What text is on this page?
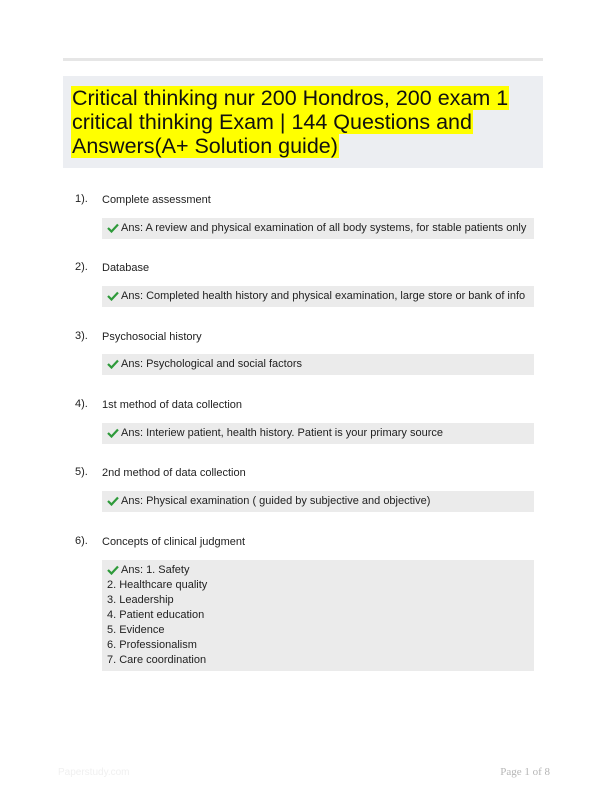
Critical thinking nur 200 Hondros, 200 exam 1 critical thinking Exam | 144 Questions and Answers(A+ Solution guide)
1). Complete assessment
Ans: A review and physical examination of all body systems, for stable patients only
2). Database
Ans: Completed health history and physical examination, large store or bank of info
3). Psychosocial history
Ans: Psychological and social factors
4). 1st method of data collection
Ans: Interiew patient, health history. Patient is your primary source
5). 2nd method of data collection
Ans: Physical examination ( guided by subjective and objective)
6). Concepts of clinical judgment
Ans: 1. Safety
2. Healthcare quality
3. Leadership
4. Patient education
5. Evidence
6. Professionalism
7. Care coordination
Paperstudy.com	Page 1 of 8
